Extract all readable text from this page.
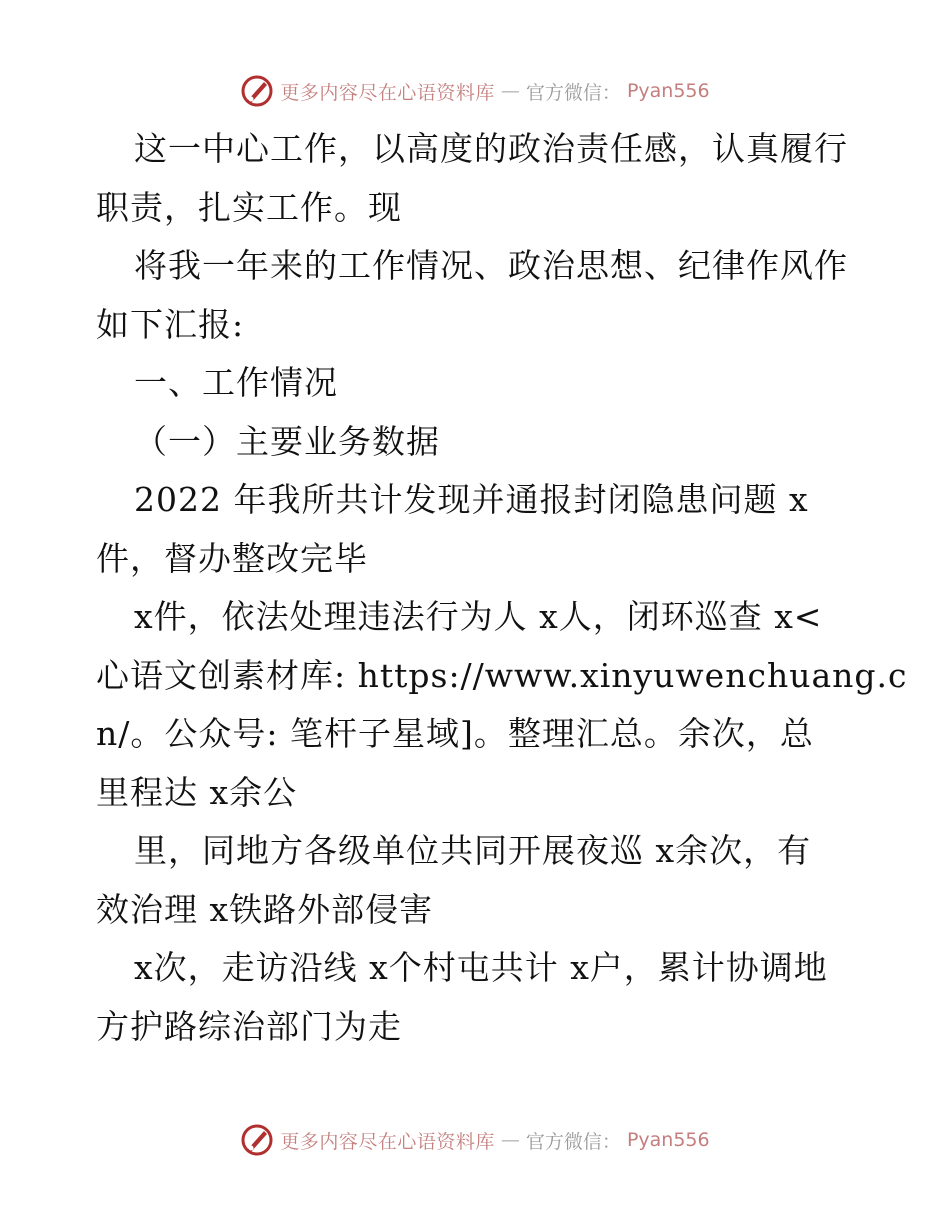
更多内容尽在心语资料库 — 官方微信： Pyan556
这一中心工作，以高度的政治责任感，认真履行
职责，扎实工作。现
将我一年来的工作情况、政治思想、纪律作风作
如下汇报:
一、工作情况
（一）主要业务数据
2022 年我所共计发现并通报封闭隐患问题 x
件，督办整改完毕
x件，依法处理违法行为人 x人，闭环巡查 x<
心语文创素材库: https://www.xinyuwenchuang.c
n/。公众号: 笔杆子星域]。整理汇总。余次，总
里程达 x余公
里，同地方各级单位共同开展夜巡 x余次，有
效治理 x铁路外部侵害
x次，走访沿线 x个村屯共计 x户，累计协调地
方护路综治部门为走
更多内容尽在心语资料库 — 官方微信： Pyan556
